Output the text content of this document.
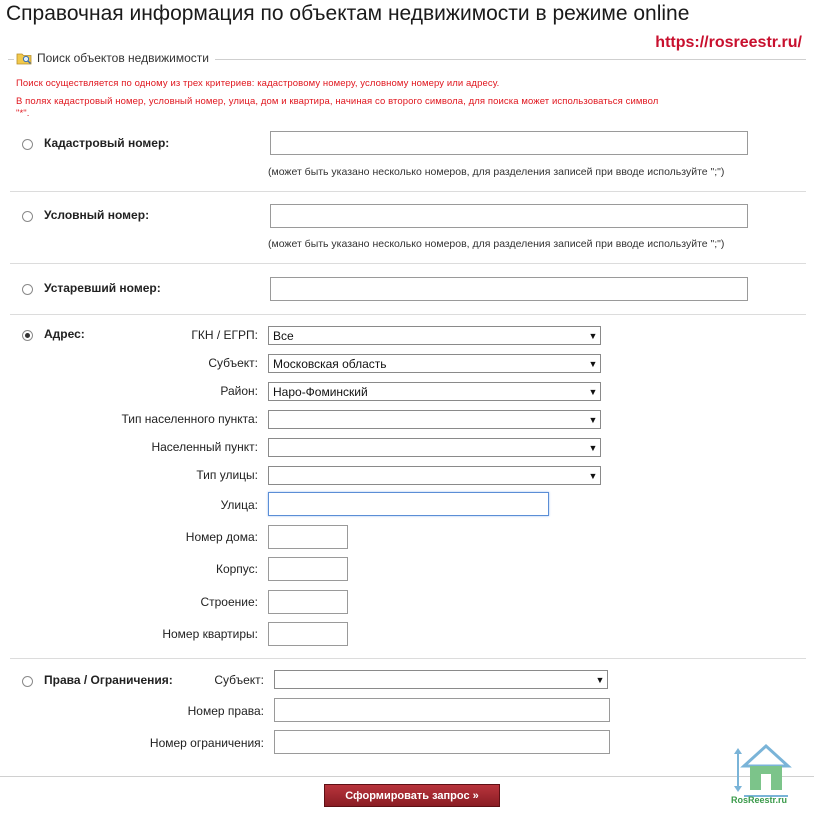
Справочная информация по объектам недвижимости в режиме online
https://rosreestr.ru/
Поиск объектов недвижимости
Поиск осуществляется по одному из трех критериев: кадастровому номеру, условному номеру или адресу.
В полях кадастровый номер, условный номер, улица, дом и квартира, начиная со второго символа, для поиска может использоваться символ
"*".
Кадастровый номер:
(может быть указано несколько номеров, для разделения записей при вводе используйте ";")
Условный номер:
(может быть указано несколько номеров, для разделения записей при вводе используйте ";")
Устаревший номер:
Адрес:	ГКН / ЕГРП: Все	▼
Субъект: Московская область	▼
Район: Наро-Фоминский	▼
Тип населенного пункта:	▼
Населенный пункт:	▼
Тип улицы:	▼
Улица:
Номер дома:
Корпус:
Строение:
Номер квартиры:
Права / Ограничения:	Субъект:	▼
Номер права:
Номер ограничения:
Сформировать запрос »	RosReestr.ru
